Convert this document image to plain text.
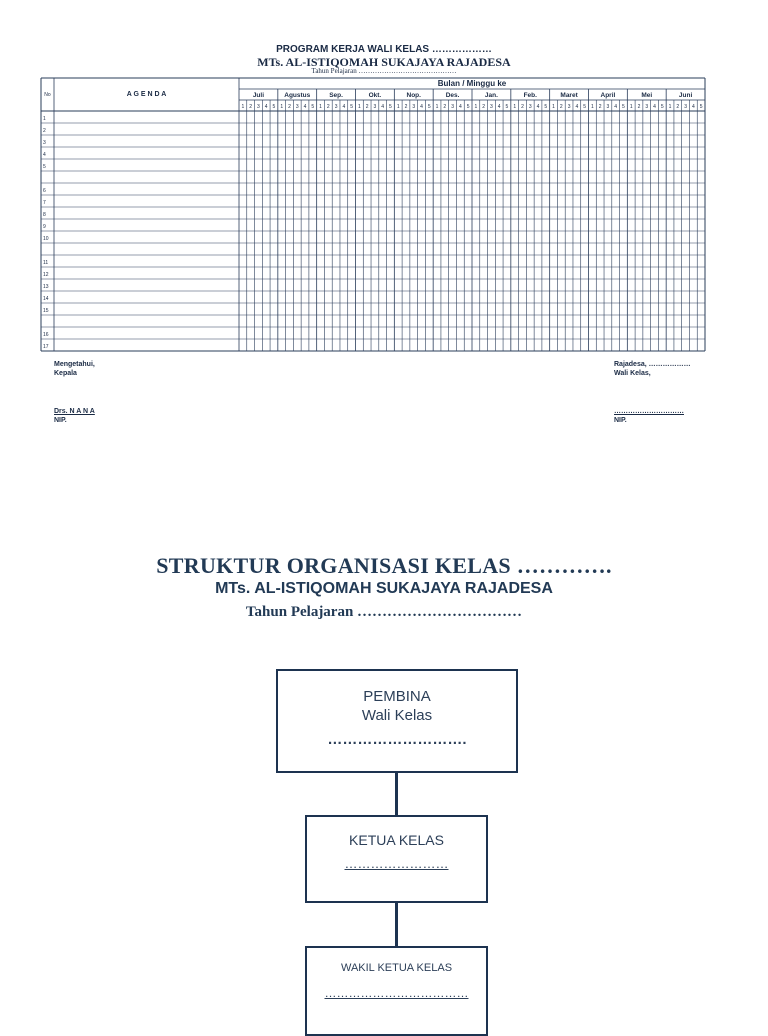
PROGRAM KERJA WALI KELAS ………………
MTs. AL-ISTIQOMAH SUKAJAYA RAJADESA
Tahun Pelajaran ……………………………………
No	A G E N D A
Bulan / Minggu ke
Juli	Agustus	Sep.	Okt.	Nop.	Des.	Jan.	Feb.	Maret	April	Mei	Juni
1 2 3 4 5 1 2 3 4 5 1 2 3 4 5 1 2 3 4 5 1 2 3 4 5 1 2 3 4 5 1 2 3 4 5 1 2 3 4 5 1 2 3 4 5 1 2 3 4 5 1 2 3 4 5 1 2 3 4 5
1
2
3
4
5
6
7
8
9
10
11
12
13
14
15
16
17
Mengetahui,
Kepala
Drs. N A N A
NIP.
Rajadesa, ………………
Wali Kelas,
…………………………
NIP.
STRUKTUR ORGANISASI KELAS ………….
MTs. AL-ISTIQOMAH SUKAJAYA RAJADESA
Tahun Pelajaran ……………………………
PEMBINA
Wali Kelas
……………………….
KETUA KELAS
……………………
WAKIL KETUA KELAS
………………………………
